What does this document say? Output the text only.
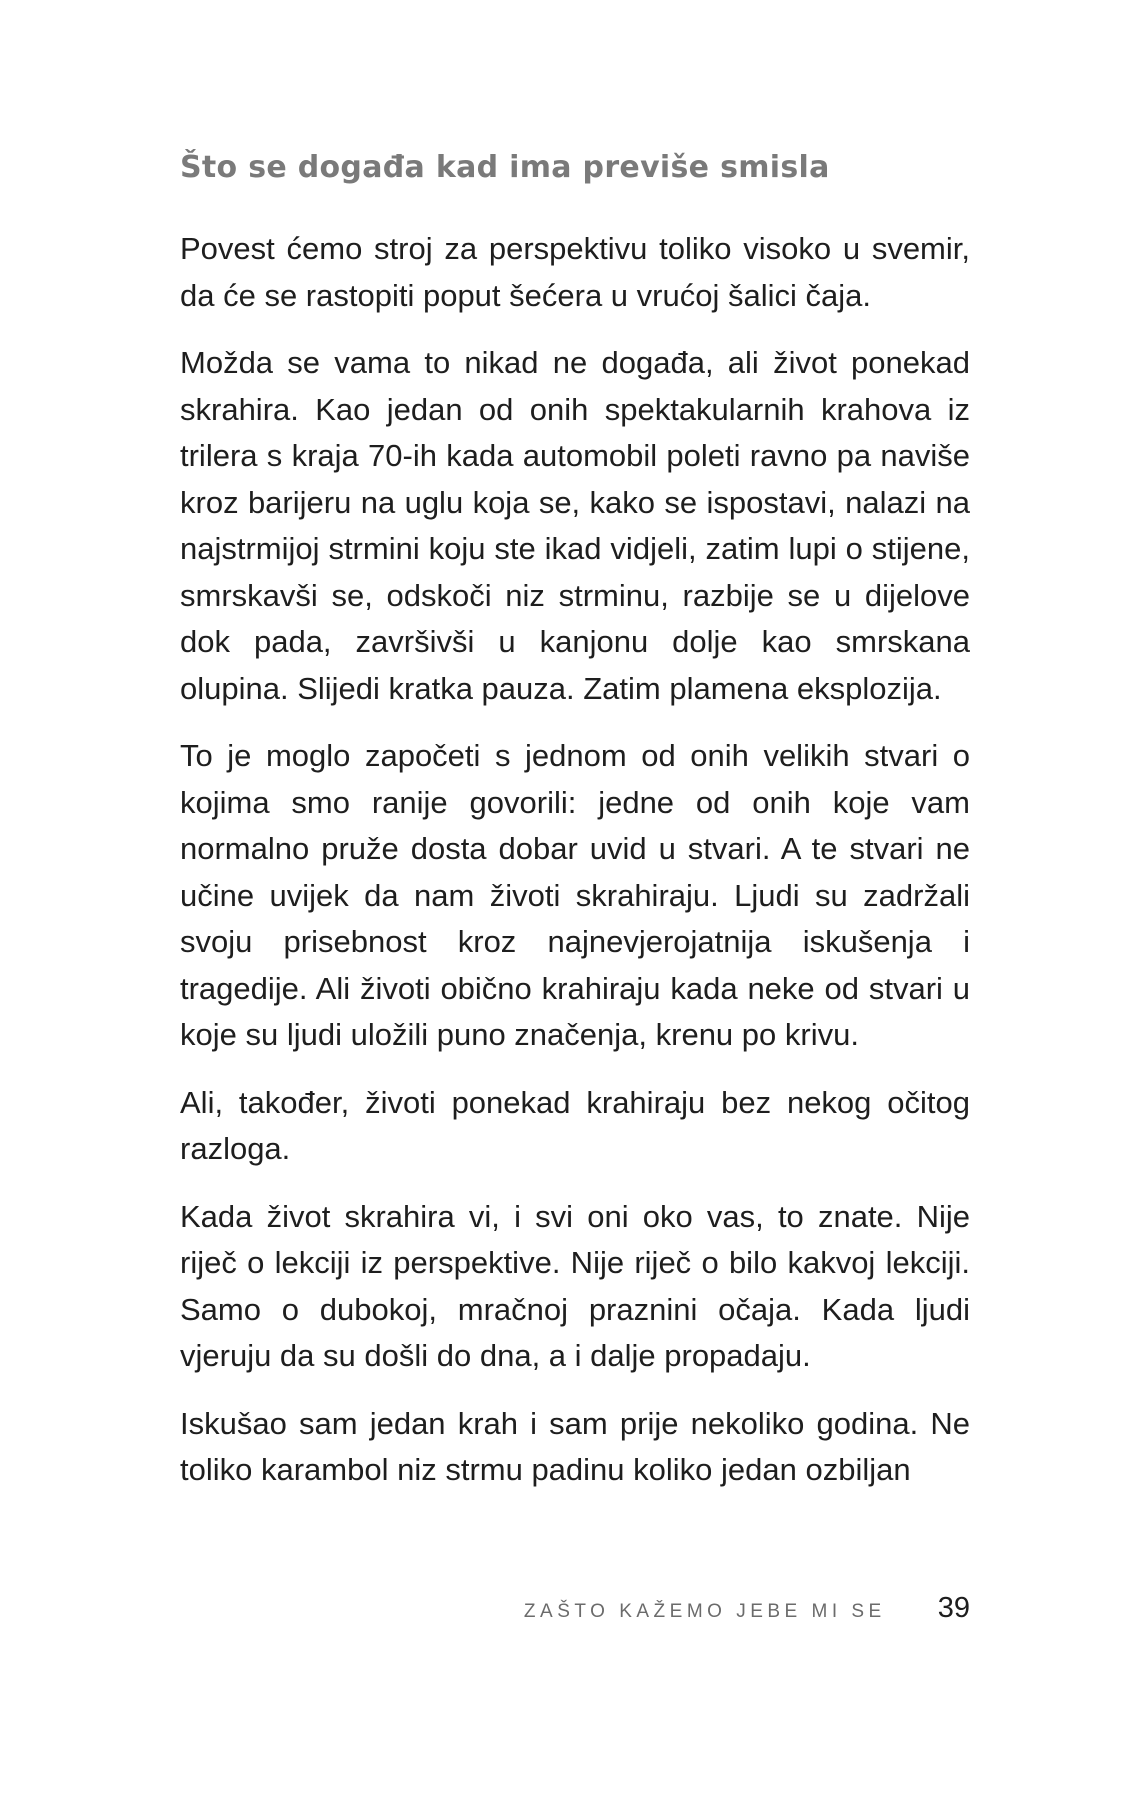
Što se događa kad ima previše smisla

Povest ćemo stroj za perspektivu toliko visoko u svemir, da će se rastopiti poput šećera u vrućoj šalici čaja.

Možda se vama to nikad ne događa, ali život ponekad skrahira. Kao jedan od onih spektakularnih krahova iz trilera s kraja 70-ih kada automobil poleti ravno pa naviše kroz barijeru na uglu koja se, kako se ispostavi, nalazi na najstrmijoj strmini koju ste ikad vidjeli, zatim lupi o stijene, smrskavši se, odskoči niz strminu, razbije se u dijelove dok pada, završivši u kanjonu dolje kao smrskana olupina. Slijedi kratka pauza. Zatim plamena eksplozija.

To je moglo započeti s jednom od onih velikih stvari o kojima smo ranije govorili: jedne od onih koje vam normalno pruže dosta dobar uvid u stvari. A te stvari ne učine uvijek da nam životi skrahiraju. Ljudi su zadržali svoju prisebnost kroz najnevjerojatnija iskušenja i tragedije. Ali životi obično krahiraju kada neke od stvari u koje su ljudi uložili puno značenja, krenu po krivu.

Ali, također, životi ponekad krahiraju bez nekog očitog razloga.

Kada život skrahira vi, i svi oni oko vas, to znate. Nije riječ o lekciji iz perspektive. Nije riječ o bilo kakvoj lekciji. Samo o dubokoj, mračnoj praznini očaja. Kada ljudi vjeruju da su došli do dna, a i dalje propadaju.

Iskušao sam jedan krah i sam prije nekoliko godina. Ne toliko karambol niz strmu padinu koliko jedan ozbiljan

ZAŠTO KAŽEMO JEBE MI SE 39
